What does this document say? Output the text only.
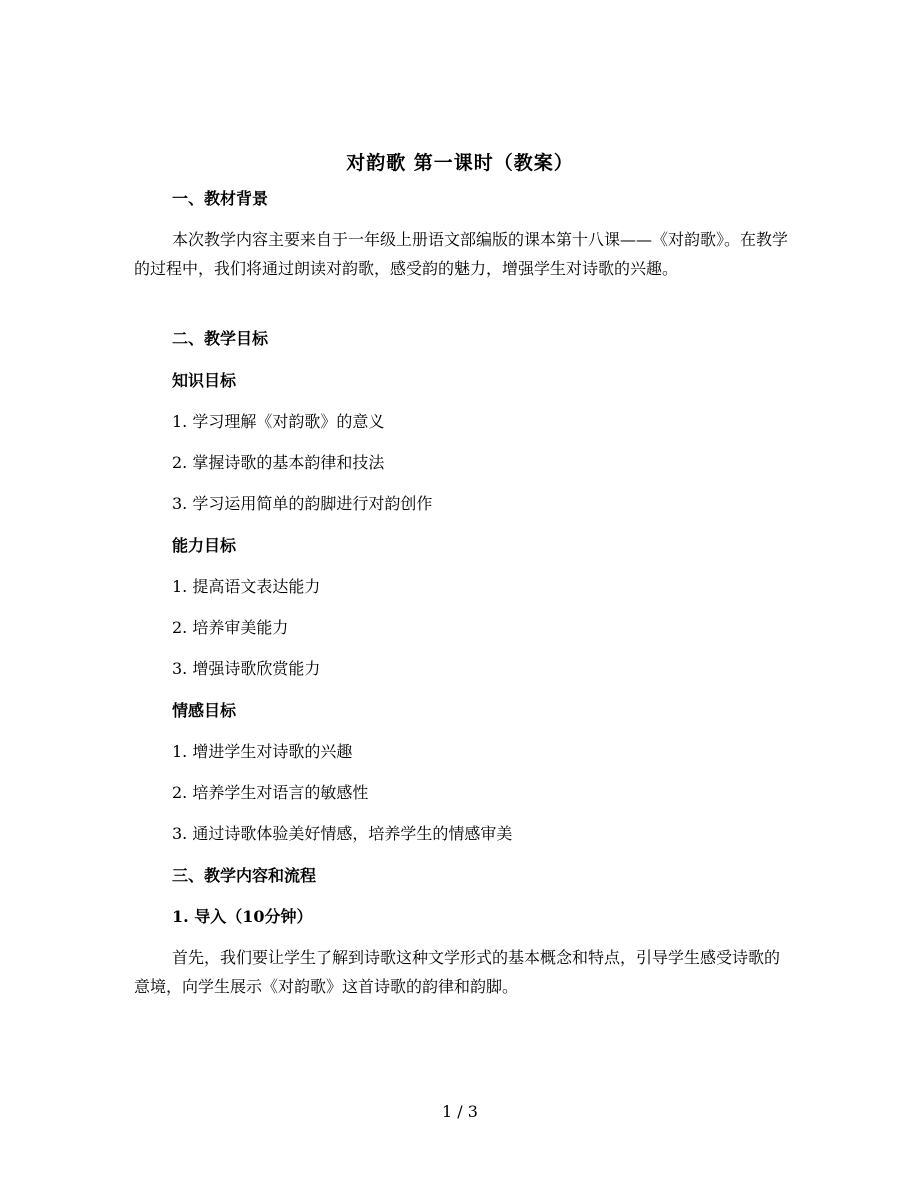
对韵歌 第一课时（教案）
一、教材背景
本次教学内容主要来自于一年级上册语文部编版的课本第十八课——《对韵歌》。在教学的过程中，我们将通过朗读对韵歌，感受韵的魅力，增强学生对诗歌的兴趣。
二、教学目标
知识目标
1. 学习理解《对韵歌》的意义
2. 掌握诗歌的基本韵律和技法
3. 学习运用简单的韵脚进行对韵创作
能力目标
1. 提高语文表达能力
2. 培养审美能力
3. 增强诗歌欣赏能力
情感目标
1. 增进学生对诗歌的兴趣
2. 培养学生对语言的敏感性
3. 通过诗歌体验美好情感，培养学生的情感审美
三、教学内容和流程
1. 导入（10分钟）
首先，我们要让学生了解到诗歌这种文学形式的基本概念和特点，引导学生感受诗歌的意境，向学生展示《对韵歌》这首诗歌的韵律和韵脚。
1 / 3
